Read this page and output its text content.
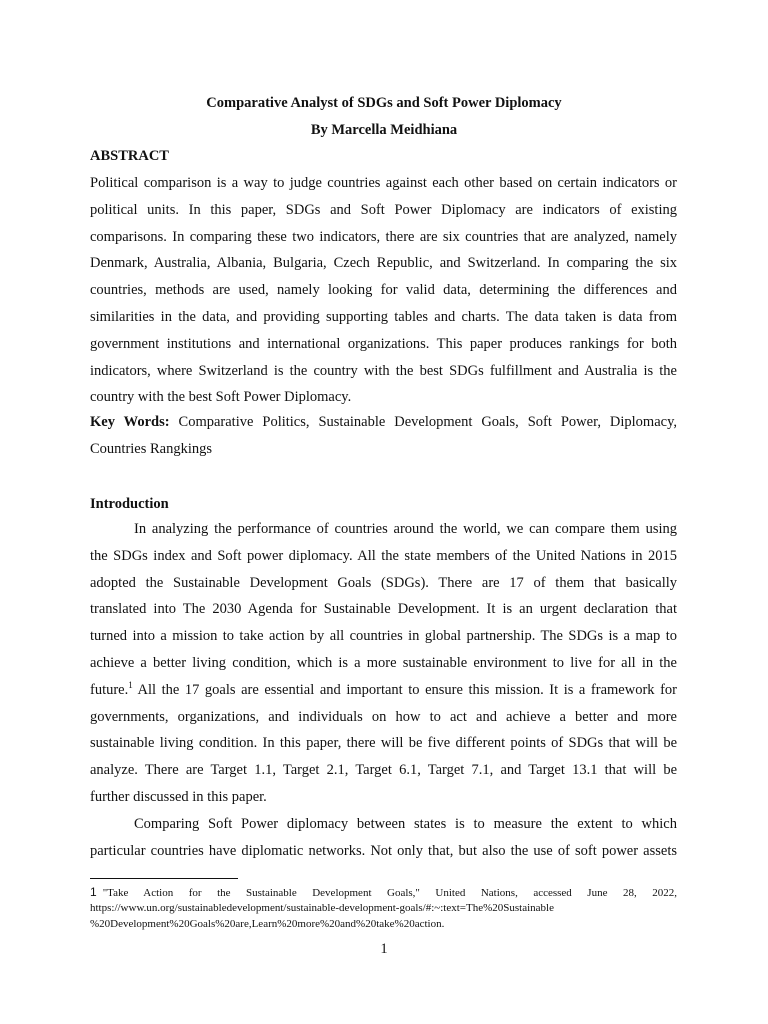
Comparative Analyst of SDGs and Soft Power Diplomacy
By Marcella Meidhiana
ABSTRACT
Political comparison is a way to judge countries against each other based on certain indicators or
political units. In this paper, SDGs and Soft Power Diplomacy are indicators of existing
comparisons. In comparing these two indicators, there are six countries that are analyzed, namely
Denmark, Australia, Albania, Bulgaria, Czech Republic, and Switzerland. In comparing the six
countries, methods are used, namely looking for valid data, determining the differences and
similarities in the data, and providing supporting tables and charts. The data taken is data from
government institutions and international organizations. This paper produces rankings for both
indicators, where Switzerland is the country with the best SDGs fulfillment and Australia is the
country with the best Soft Power Diplomacy.
Key Words: Comparative Politics, Sustainable Development Goals, Soft Power, Diplomacy,
Countries Rangkings
Introduction
In analyzing the performance of countries around the world, we can compare them using
the SDGs index and Soft power diplomacy. All the state members of the United Nations in 2015
adopted the Sustainable Development Goals (SDGs). There are 17 of them that basically
translated into The 2030 Agenda for Sustainable Development. It is an urgent declaration that
turned into a mission to take action by all countries in global partnership. The SDGs is a map to
achieve a better living condition, which is a more sustainable environment to live for all in the
future.$^1$ All the 17 goals are essential and important to ensure this mission. It is a framework for
governments, organizations, and individuals on how to act and achieve a better and more
sustainable living condition. In this paper, there will be five different points of SDGs that will be
analyze. There are Target 1.1, Target 2.1, Target 6.1, Target 7.1, and Target 13.1 that will be
further discussed in this paper.
Comparing Soft Power diplomacy between states is to measure the extent to which
particular countries have diplomatic networks. Not only that, but also the use of soft power assets
1 "Take Action for the Sustainable Development Goals," United Nations, accessed June 28, 2022,
https://www.un.org/sustainabledevelopment/sustainable-development-goals/#:~:text=The%20Sustainable
%20Development%20Goals%20are,Learn%20more%20and%20take%20action.
1
